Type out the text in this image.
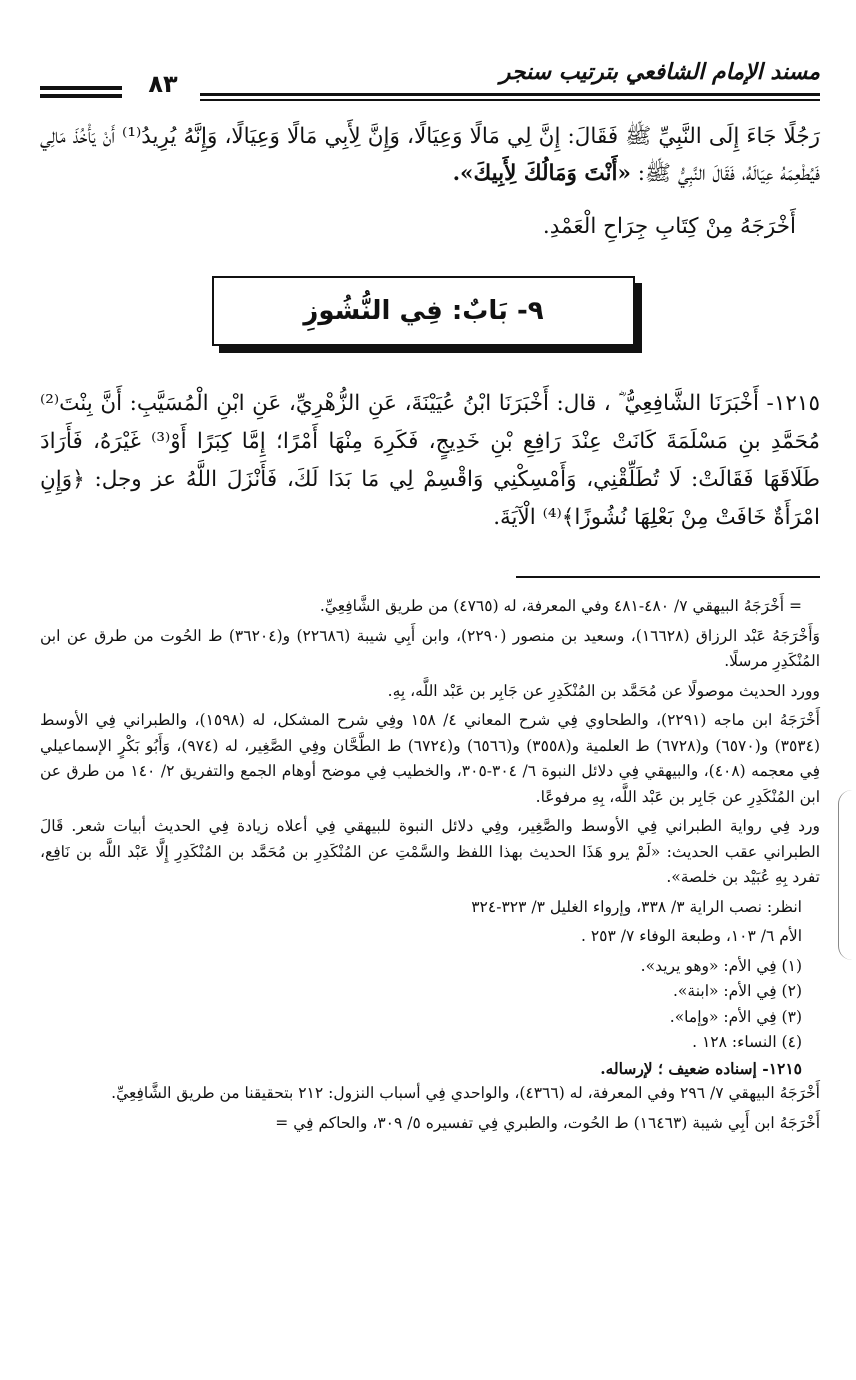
مسند الإمام الشافعي بترتيب سنجر
٨٣
رَجُلًا جَاءَ إِلَى النَّبِيِّ ﷺ فَقَالَ: إِنَّ لِي مَالًا وَعِيَالًا، وَإِنَّ لِأَبِي مَالًا وَعِيَالًا، وَإِنَّهُ يُرِيدُ⁽¹⁾ أَنْ يَأْخُذَ مَالِي فَيُطْعِمَهُ عِيَالَهُ، فَقَالَ النَّبِيُّ ﷺ: «أَنْتَ وَمَالُكَ لِأَبِيكَ».
أَخْرَجَهُ مِنْ كِتَابِ جِرَاحِ الْعَمْدِ.
٩- بَابٌ: فِي النُّشُوزِ
١٢١٥- أَخْبَرَنَا الشَّافِعِيُّ ؓ ، قال: أَخْبَرَنَا ابْنُ عُيَيْنَةَ، عَنِ الزُّهْرِيِّ، عَنِ ابْنِ الْمُسَيَّبِ: أَنَّ بِنْتَ⁽²⁾ مُحَمَّدِ بنِ مَسْلَمَةَ كَانَتْ عِنْدَ رَافِعِ بْنِ خَدِيجٍ، فَكَرِهَ مِنْهَا أَمْرًا؛ إِمَّا كِبَرًا أَوْ⁽³⁾ غَيْرَهُ، فَأَرَادَ طَلَاقَهَا فَقَالَتْ: لَا تُطَلِّقْنِي، وَأَمْسِكْنِي وَاقْسِمْ لِي مَا بَدَا لَكَ، فَأَنْزَلَ اللَّهُ عز وجل: ﴿وَإِنِ امْرَأَةٌ خَافَتْ مِنْ بَعْلِهَا نُشُوزًا﴾⁽⁴⁾ الْآيَةَ.

= أَخْرَجَهُ البيهقي ٧/ ٤٨٠-٤٨١ وفي المعرفة، له (٤٧٦٥) من طريق الشَّافِعِيِّ.

وَأَخْرَجَهُ عَبْد الرزاق (١٦٦٢٨)، وسعيد بن منصور (٢٢٩٠)، وابن أَبِي شيبة (٢٢٦٨٦) و(٣٦٢٠٤) ط الحُوت من طرق عن ابن المُنْكَدِرِ مرسلًا.

وورد الحديث موصولًا عن مُحَمَّد بن المُنْكَدِرِ عن جَابِر بن عَبْد اللَّه، بِهِ.

أَخْرَجَهُ ابن ماجه (٢٢٩١)، والطحاوي فِي شرح المعاني ٤/ ١٥٨ وفِي شرح المشكل، له (١٥٩٨)، والطبراني فِي الأوسط (٣٥٣٤) و(٦٥٧٠) و(٦٧٢٨) ط العلمية و(٣٥٥٨) و(٦٥٦٦) و(٦٧٢٤) ط الطَّحَّان وفِي الصَّغِير، له (٩٧٤)، وَأَبُو بَكْرٍ الإسماعيلي فِي معجمه (٤٠٨)، والبيهقي فِي دلائل النبوة ٦/ ٣٠٤-٣٠٥، والخطيب فِي موضح أوهام الجمع والتفريق ٢/ ١٤٠ من طرق عن ابن المُنْكَدِرِ عن جَابِر بن عَبْد اللَّه، بِهِ مرفوعًا.

ورد فِي رواية الطبراني فِي الأوسط والصَّغِير، وفِي دلائل النبوة للبيهقي فِي أعلاه زيادة فِي الحديث أبيات شعر. قَالَ الطبراني عقب الحديث: «لَمْ يرو هَذَا الحديث بهذا اللفظ والسَّمْتِ عن المُنْكَدِرِ بن مُحَمَّد بن المُنْكَدِرِ إِلَّا عَبْد اللَّه بن نَافِع، تفرد بِهِ عُبَيْد بن خلصة».

انظر: نصب الراية ٣/ ٣٣٨، وإرواء الغليل ٣/ ٣٢٣-٣٢٤

الأم ٦/ ١٠٣، وطبعة الوفاء ٧/ ٢٥٣ .

(١) فِي الأم: «وهو يريد».

(٢) فِي الأم: «ابنة».

(٣) فِي الأم: «وإما».

(٤) النساء: ١٢٨ .

١٢١٥- إسناده ضعيف ؛ لإرساله.

أَخْرَجَهُ البيهقي ٧/ ٢٩٦ وفي المعرفة، له (٤٣٦٦)، والواحدي فِي أسباب النزول: ٢١٢ بتحقيقنا من طريق الشَّافِعِيِّ.

أَخْرَجَهُ ابن أَبِي شيبة (١٦٤٦٣) ط الحُوت، والطبري فِي تفسيره ٥/ ٣٠٩، والحاكم فِي =
